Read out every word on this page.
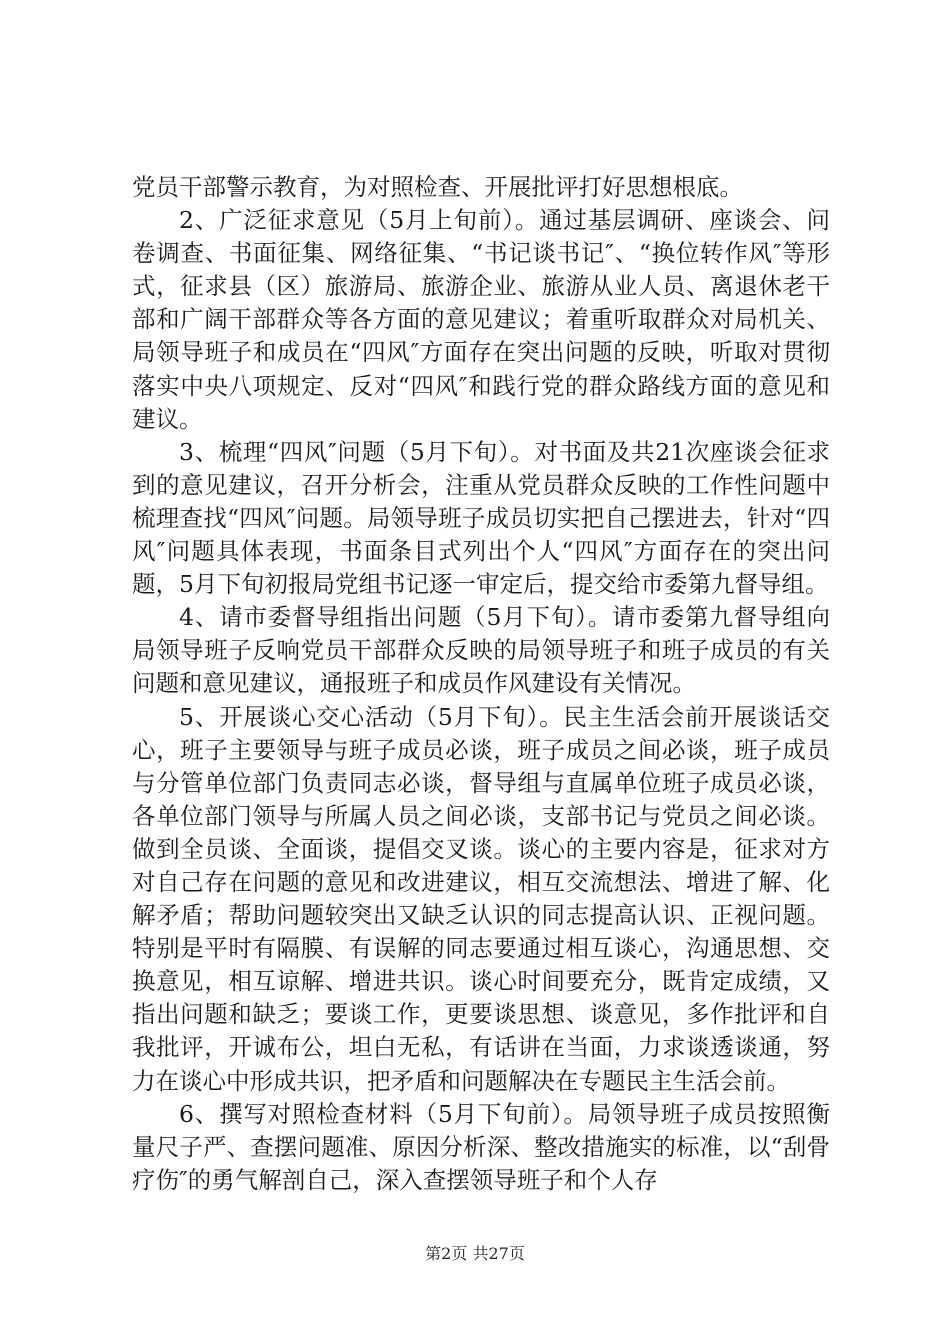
党员干部警示教育，为对照检查、开展批评打好思想根底。

2、广泛征求意见（5月上旬前）。通过基层调研、座谈会、问卷调查、书面征集、网络征集、“书记谈书记″、“换位转作风″等形式，征求县（区）旅游局、旅游企业、旅游从业人员、离退休老干部和广阔干部群众等各方面的意见建议；着重听取群众对局机关、局领导班子和成员在“四风″方面存在突出问题的反映，听取对贯彻落实中央八项规定、反对“四风″和践行党的群众路线方面的意见和建议。

3、梳理“四风″问题（5月下旬）。对书面及共21次座谈会征求到的意见建议，召开分析会，注重从党员群众反映的工作性问题中梳理查找“四风″问题。局领导班子成员切实把自己摆进去，针对“四风″问题具体表现，书面条目式列出个人“四风″方面存在的突出问题，5月下旬初报局党组书记逐一审定后，提交给市委第九督导组。

4、请市委督导组指出问题（5月下旬）。请市委第九督导组向局领导班子反响党员干部群众反映的局领导班子和班子成员的有关问题和意见建议，通报班子和成员作风建设有关情况。

5、开展谈心交心活动（5月下旬）。民主生活会前开展谈话交心，班子主要领导与班子成员必谈，班子成员之间必谈，班子成员与分管单位部门负责同志必谈，督导组与直属单位班子成员必谈，各单位部门领导与所属人员之间必谈，支部书记与党员之间必谈。做到全员谈、全面谈，提倡交叉谈。谈心的主要内容是，征求对方对自己存在问题的意见和改进建议，相互交流想法、增进了解、化解矛盾；帮助问题较突出又缺乏认识的同志提高认识、正视问题。特别是平时有隔膜、有误解的同志要通过相互谈心，沟通思想、交换意见，相互谅解、增进共识。谈心时间要充分，既肯定成绩，又指出问题和缺乏；要谈工作，更要谈思想、谈意见，多作批评和自我批评，开诚布公，坦白无私，有话讲在当面，力求谈透谈通，努力在谈心中形成共识，把矛盾和问题解决在专题民主生活会前。

6、撰写对照检查材料（5月下旬前）。局领导班子成员按照衡量尺子严、查摆问题准、原因分析深、整改措施实的标准，以“刮骨疗伤″的勇气解剖自己，深入查摆领导班子和个人存

第2页 共27页
